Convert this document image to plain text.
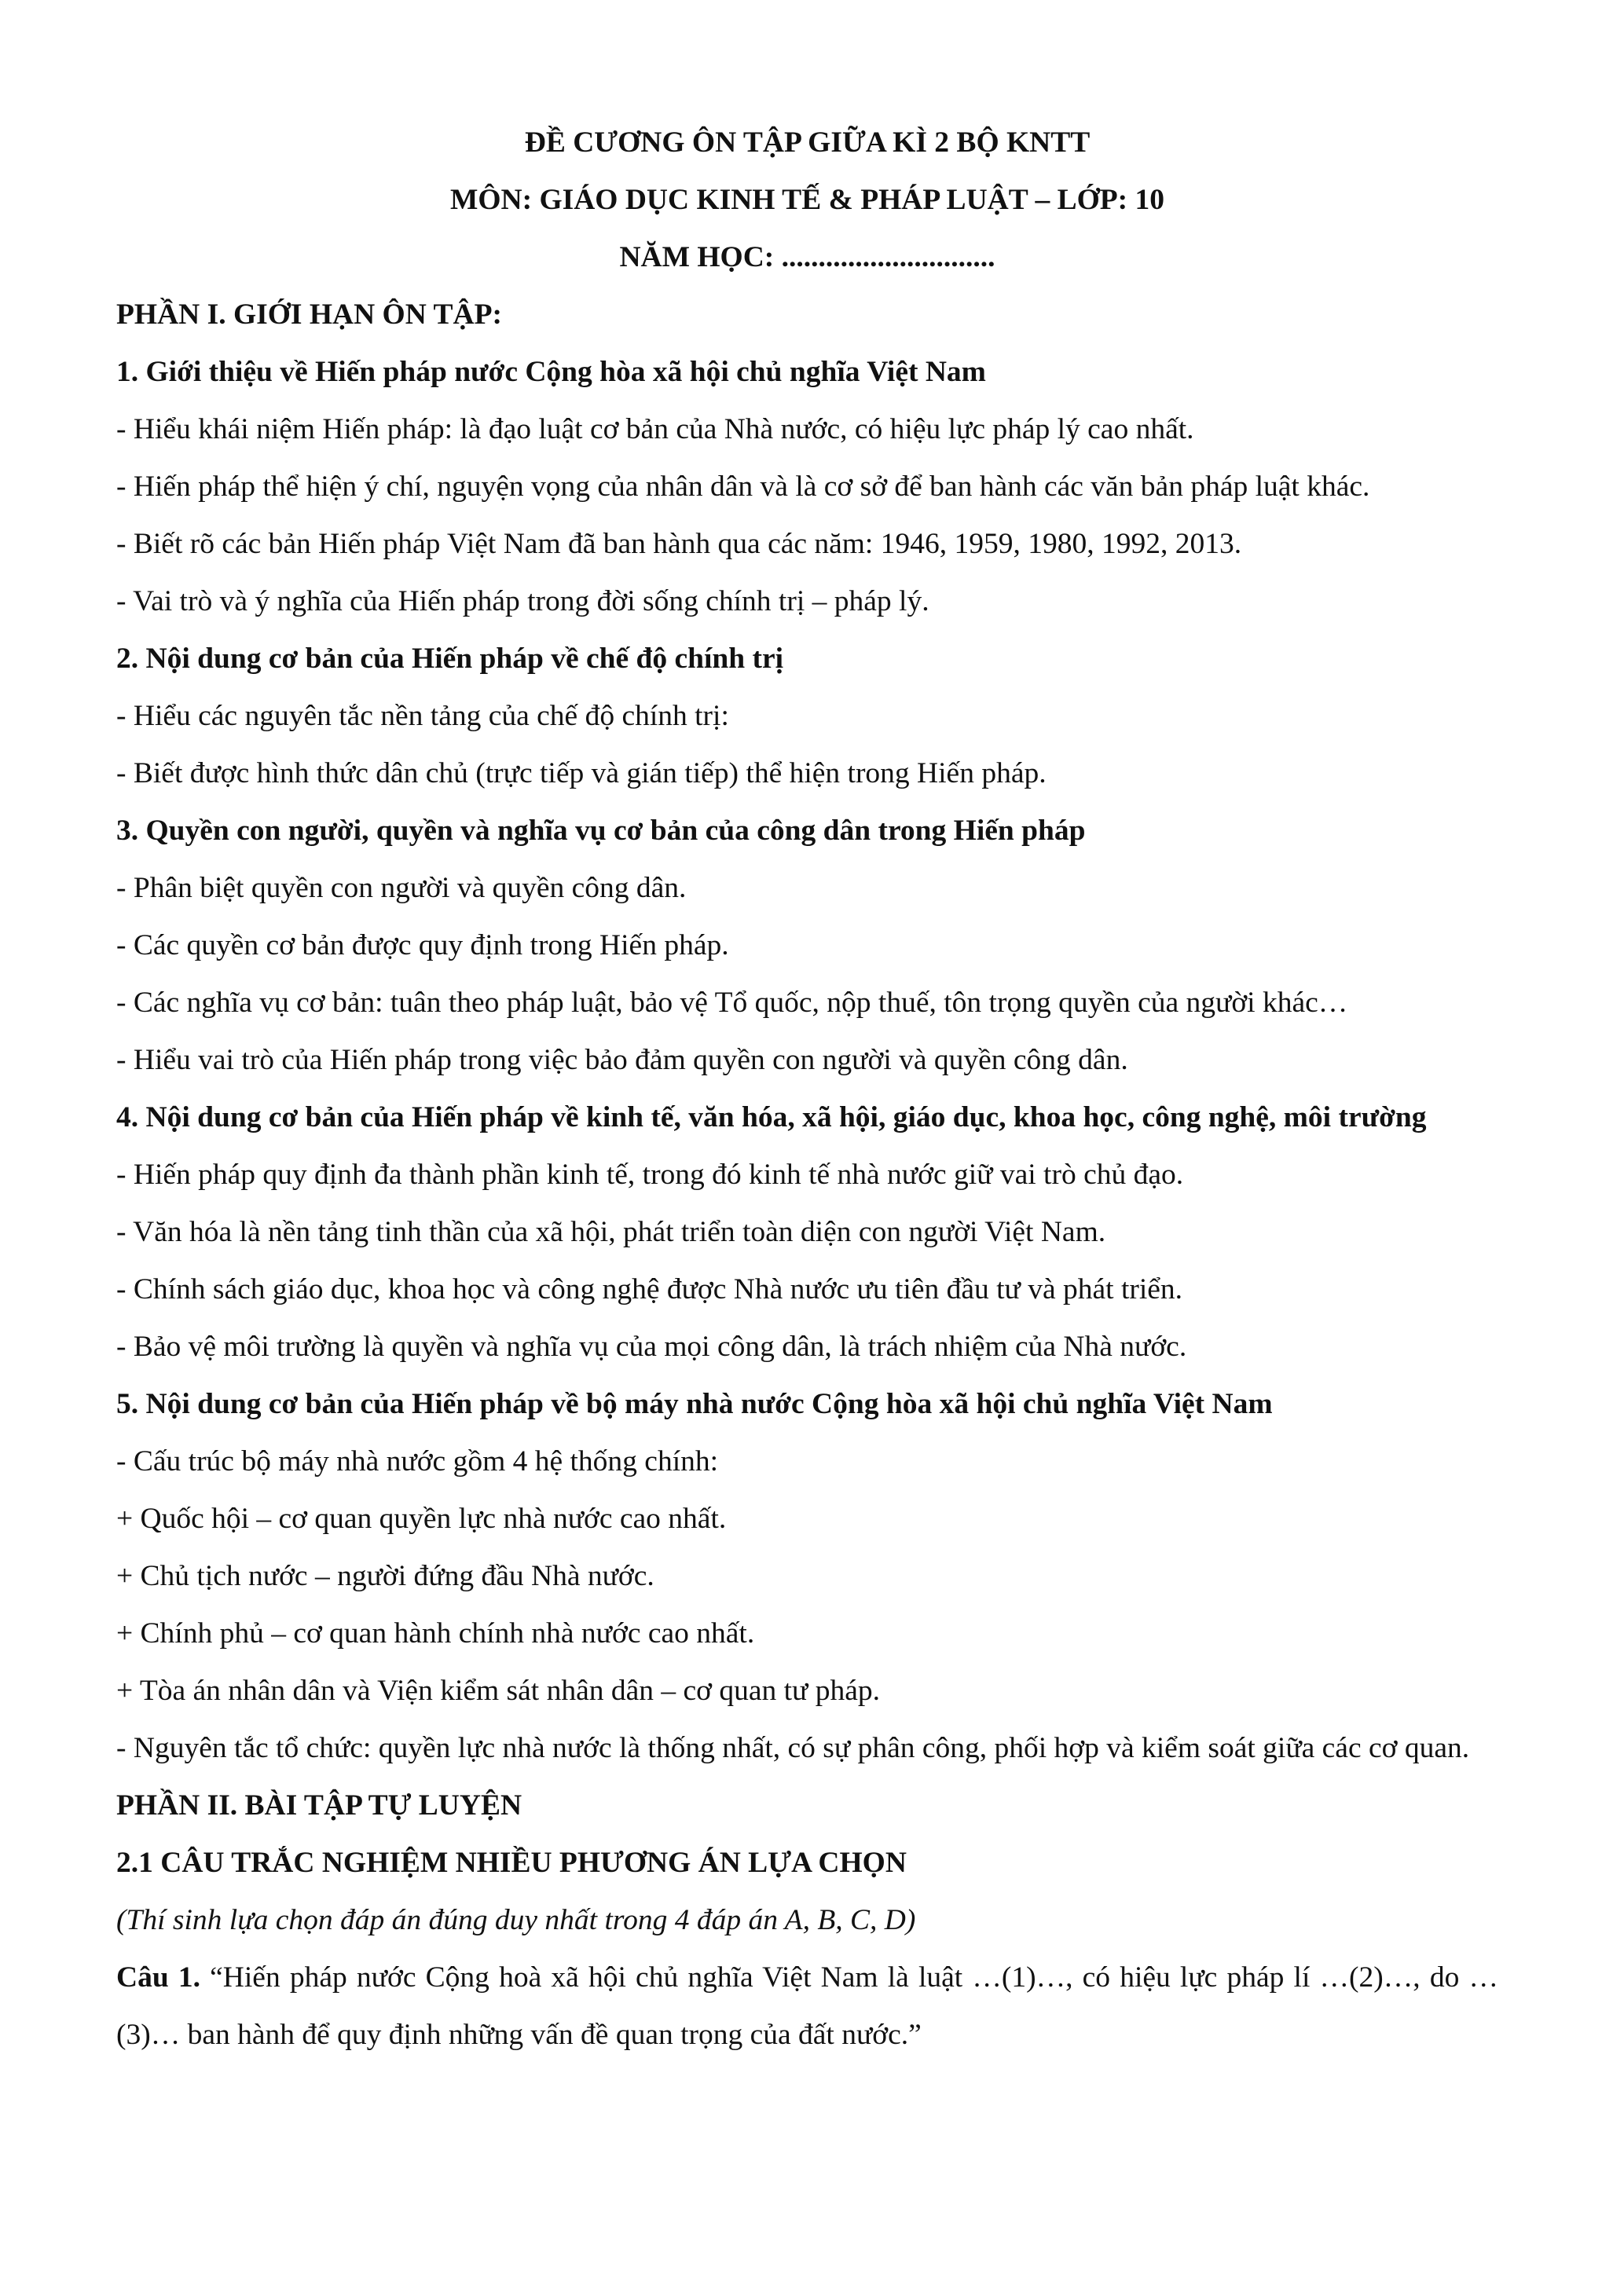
ĐỀ CƯƠNG ÔN TẬP GIỮA KÌ 2 BỘ KNTT
MÔN: GIÁO DỤC KINH TẾ & PHÁP LUẬT – LỚP: 10
NĂM HỌC: .............................

PHẦN I. GIỚI HẠN ÔN TẬP:

1. Giới thiệu về Hiến pháp nước Cộng hòa xã hội chủ nghĩa Việt Nam

- Hiểu khái niệm Hiến pháp: là đạo luật cơ bản của Nhà nước, có hiệu lực pháp lý cao nhất.

- Hiến pháp thể hiện ý chí, nguyện vọng của nhân dân và là cơ sở để ban hành các văn bản pháp luật khác.

- Biết rõ các bản Hiến pháp Việt Nam đã ban hành qua các năm: 1946, 1959, 1980, 1992, 2013.

- Vai trò và ý nghĩa của Hiến pháp trong đời sống chính trị – pháp lý.

2. Nội dung cơ bản của Hiến pháp về chế độ chính trị

- Hiểu các nguyên tắc nền tảng của chế độ chính trị:

- Biết được hình thức dân chủ (trực tiếp và gián tiếp) thể hiện trong Hiến pháp.

3. Quyền con người, quyền và nghĩa vụ cơ bản của công dân trong Hiến pháp

- Phân biệt quyền con người và quyền công dân.

- Các quyền cơ bản được quy định trong Hiến pháp.

- Các nghĩa vụ cơ bản: tuân theo pháp luật, bảo vệ Tổ quốc, nộp thuế, tôn trọng quyền của người khác…

- Hiểu vai trò của Hiến pháp trong việc bảo đảm quyền con người và quyền công dân.

4. Nội dung cơ bản của Hiến pháp về kinh tế, văn hóa, xã hội, giáo dục, khoa học, công nghệ, môi trường

- Hiến pháp quy định đa thành phần kinh tế, trong đó kinh tế nhà nước giữ vai trò chủ đạo.

- Văn hóa là nền tảng tinh thần của xã hội, phát triển toàn diện con người Việt Nam.

- Chính sách giáo dục, khoa học và công nghệ được Nhà nước ưu tiên đầu tư và phát triển.

- Bảo vệ môi trường là quyền và nghĩa vụ của mọi công dân, là trách nhiệm của Nhà nước.

5. Nội dung cơ bản của Hiến pháp về bộ máy nhà nước Cộng hòa xã hội chủ nghĩa Việt Nam

- Cấu trúc bộ máy nhà nước gồm 4 hệ thống chính:

+ Quốc hội – cơ quan quyền lực nhà nước cao nhất.

+ Chủ tịch nước – người đứng đầu Nhà nước.

+ Chính phủ – cơ quan hành chính nhà nước cao nhất.

+ Tòa án nhân dân và Viện kiểm sát nhân dân – cơ quan tư pháp.

- Nguyên tắc tổ chức: quyền lực nhà nước là thống nhất, có sự phân công, phối hợp và kiểm soát giữa các cơ quan.

PHẦN II. BÀI TẬP TỰ LUYỆN

2.1 CÂU TRẮC NGHIỆM NHIỀU PHƯƠNG ÁN LỰA CHỌN

(Thí sinh lựa chọn đáp án đúng duy nhất trong 4 đáp án A, B, C, D)

Câu 1. “Hiến pháp nước Cộng hoà xã hội chủ nghĩa Việt Nam là luật …(1)…, có hiệu lực pháp lí …(2)…, do …(3)… ban hành để quy định những vấn đề quan trọng của đất nước.”
